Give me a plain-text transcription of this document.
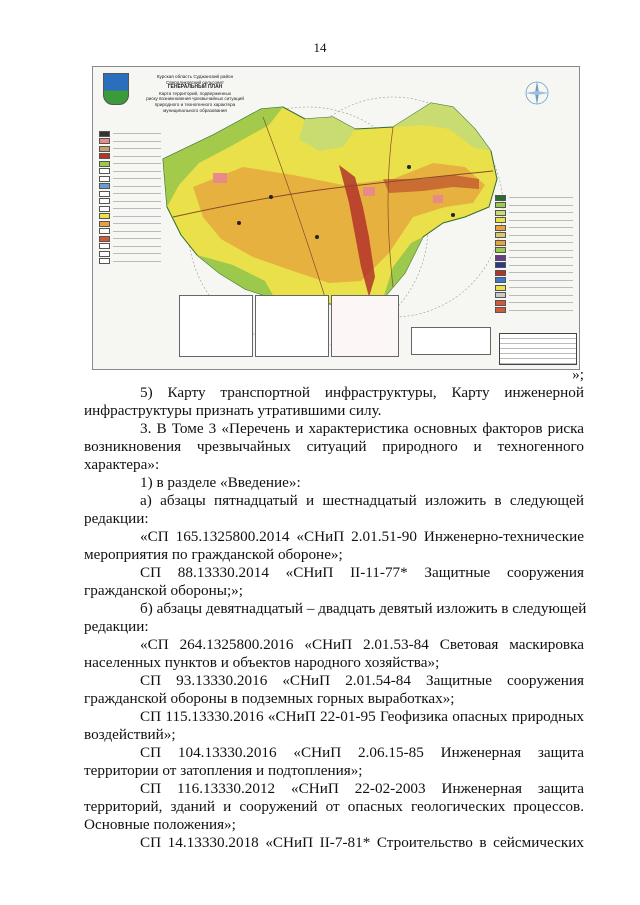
14
Курская область Суджанский район
Свердликовский сельсовет
ГЕНЕРАЛЬНЫЙ ПЛАН
Карта территорий, подверженных
риску возникновения чрезвычайных ситуаций
природного и техногенного характера
муниципального образования
»;
5) Карту транспортной инфраструктуры, Карту инженерной
инфраструктуры признать утратившими силу.
3. В Томе 3 «Перечень и характеристика основных факторов риска
возникновения чрезвычайных ситуаций природного и техногенного
характера»:
1) в разделе «Введение»:
а) абзацы пятнадцатый и шестнадцатый изложить в следующей
редакции:
«СП 165.1325800.2014 «СНиП 2.01.51-90 Инженерно-технические
мероприятия по гражданской обороне»;
СП 88.13330.2014 «СНиП II-11-77* Защитные сооружения
гражданской обороны;»;
б) абзацы девятнадцатый – двадцать девятый изложить в следующей
редакции:
«СП 264.1325800.2016 «СНиП 2.01.53-84 Световая маскировка
населенных пунктов и объектов народного хозяйства»;
СП 93.13330.2016 «СНиП 2.01.54-84 Защитные сооружения
гражданской обороны в подземных горных выработках»;
СП 115.13330.2016 «СНиП 22-01-95 Геофизика опасных природных
воздействий»;
СП 104.13330.2016 «СНиП 2.06.15-85 Инженерная защита
территории от затопления и подтопления»;
СП 116.13330.2012 «СНиП 22-02-2003 Инженерная защита
территорий, зданий и сооружений от опасных геологических процессов.
Основные положения»;
СП 14.13330.2018 «СНиП II-7-81* Строительство в сейсмических
